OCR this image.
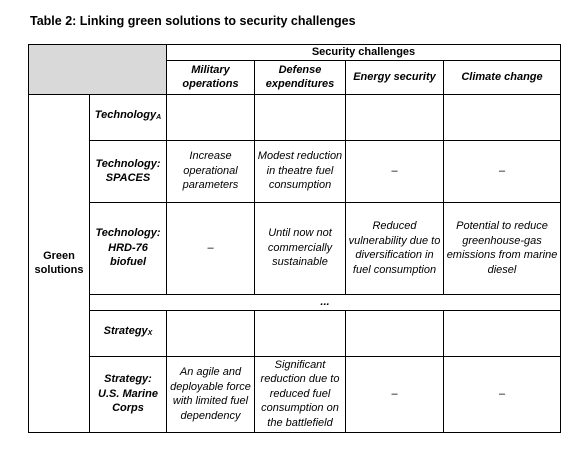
Table 2: Linking green solutions to security challenges
		Security challenges			
		Military operations	Defense expenditures	Energy security	Climate change
Green solutions	Technology$_A$				
	Technology: SPACES	Increase operational parameters	Modest reduction in theatre fuel consumption	–	–
	Technology: HRD-76 biofuel	–	Until now not commercially sustainable	Reduced vulnerability due to diversification in fuel consumption	Potential to reduce greenhouse-gas emissions from marine diesel
	...				
	Strategy$_X$				
	Strategy: U.S. Marine Corps	An agile and deployable force with limited fuel dependency	Significant reduction due to reduced fuel consumption on the battlefield	–	–
